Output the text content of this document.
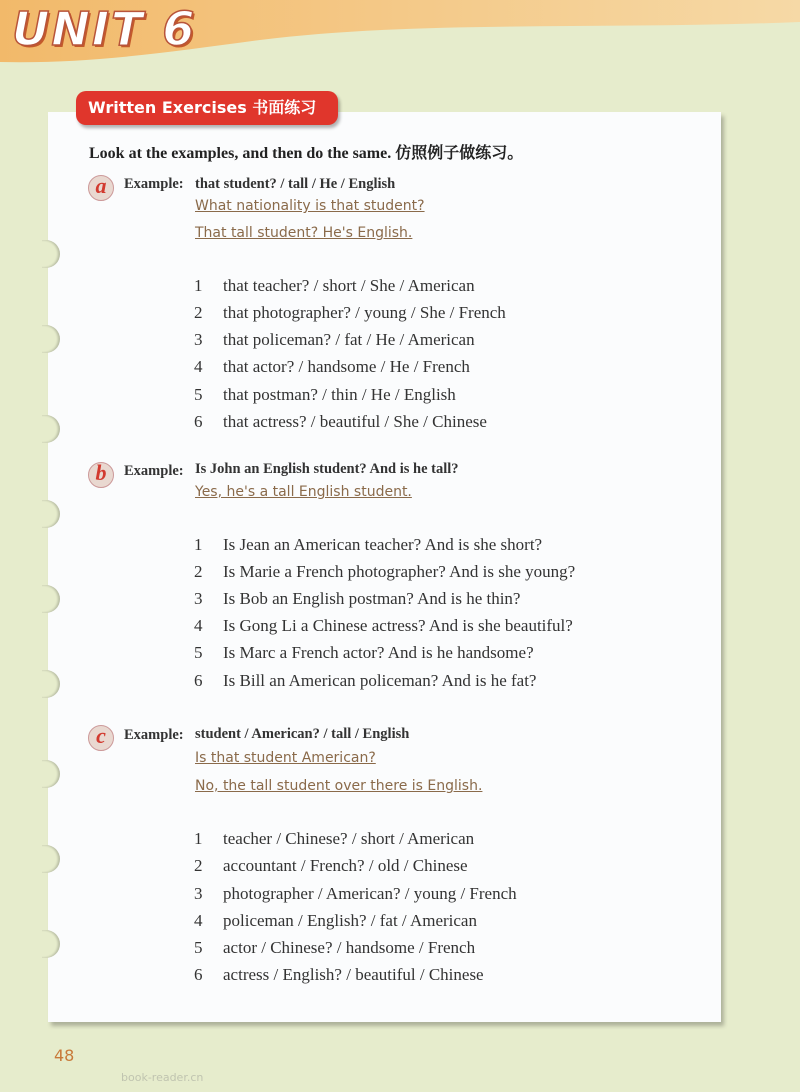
UNIT 6
Written Exercises 书面练习
Look at the examples, and then do the same. 仿照例子做练习。
a	Example: that student? / tall / He / English
What nationality is that student?
That tall student? He's English.
1 that teacher? / short / She / American
2 that photographer? / young / She / French
3 that policeman? / fat / He / American
4 that actor? / handsome / He / French
5 that postman? / thin / He / English
6 that actress? / beautiful / She / Chinese
b	Example: Is John an English student? And is he tall?
Yes, he's a tall English student.
1 Is Jean an American teacher? And is she short?
2 Is Marie a French photographer? And is she young?
3 Is Bob an English postman? And is he thin?
4 Is Gong Li a Chinese actress? And is she beautiful?
5 Is Marc a French actor? And is he handsome?
6 Is Bill an American policeman? And is he fat?
c	Example: student / American? / tall / English
Is that student American?
No, the tall student over there is English.
1 teacher / Chinese? / short / American
2 accountant / French? / old / Chinese
3 photographer / American? / young / French
4 policeman / English? / fat / American
5 actor / Chinese? / handsome / French
6 actress / English? / beautiful / Chinese
48
book-reader.cn
